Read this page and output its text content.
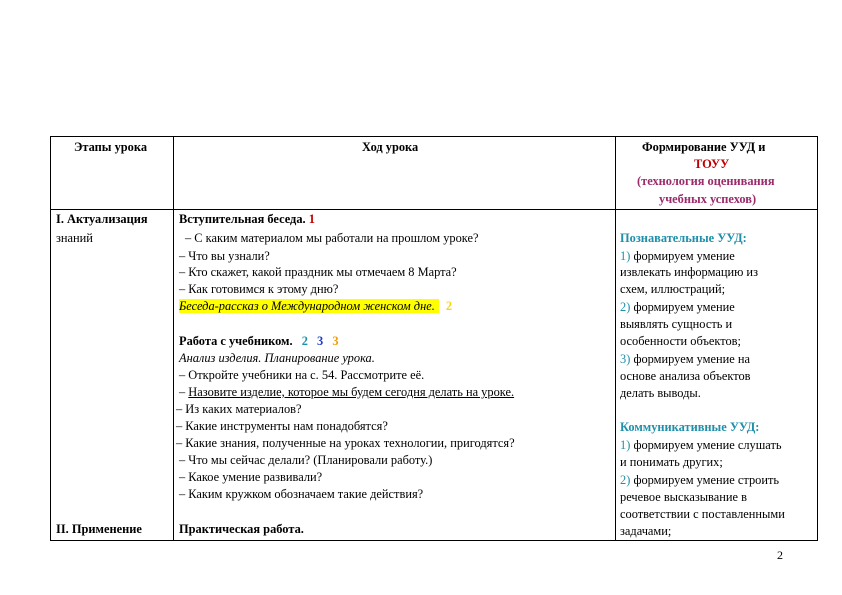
Этапы урока	Ход урока	Формирование УУД и
ТОУУ
(технология оценивания
учебных успехов)
I. Актуализация
знаний
II. Применение
Вступительная беседа. 1
– С каким материалом мы работали на прошлом уроке?
– Что вы узнали?
– Кто скажет, какой праздник мы отмечаем 8 Марта?
– Как готовимся к этому дню?
Беседа-рассказ о Международном женском дне. 2
Работа с учебником. 2 3 3
Анализ изделия. Планирование урока.
– Откройте учебники на с. 54. Рассмотрите её.
– Назовите изделие, которое мы будем сегодня делать на уроке.
– Из каких материалов?
– Какие инструменты нам понадобятся?
– Какие знания, полученные на уроках технологии, пригодятся?
– Что мы сейчас делали? (Планировали работу.)
– Какое умение развивали?
– Каким кружком обозначаем такие действия?
Практическая работа.
Познавательные УУД:
1) формируем умение
извлекать информацию из
схем, иллюстраций;
2) формируем умение
выявлять сущность и
особенности объектов;
3) формируем умение на
основе анализа объектов
делать выводы.
Коммуникативные УУД:
1) формируем умение слушать
и понимать других;
2) формируем умение строить
речевое высказывание в
соответствии с поставленными
задачами;
2
